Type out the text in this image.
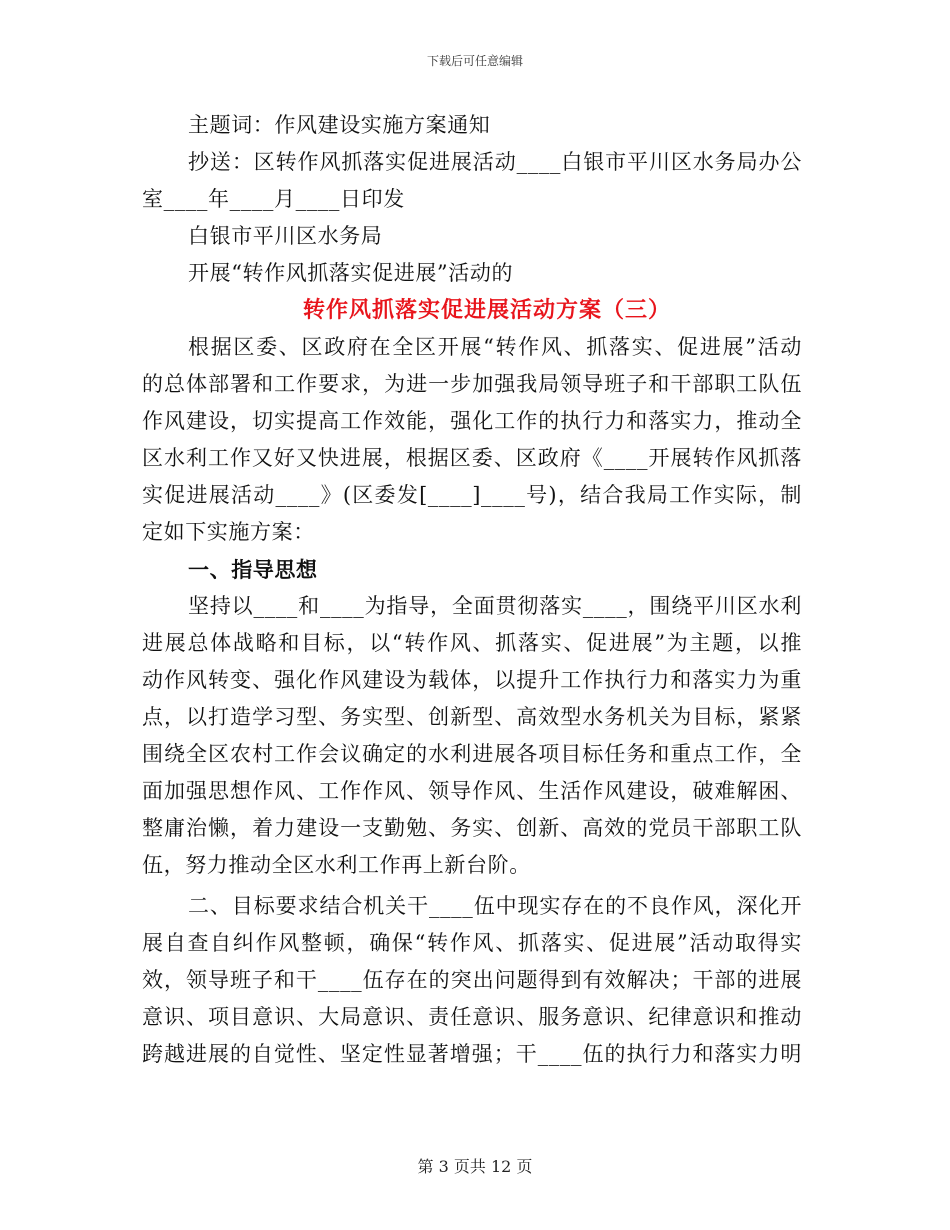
下载后可任意编辑
主题词：作风建设实施方案通知
抄送：区转作风抓落实促进展活动____白银市平川区水务局办公
室____年____月____日印发
白银市平川区水务局
开展“转作风抓落实促进展”活动的
转作风抓落实促进展活动方案（三）
根据区委、区政府在全区开展“转作风、抓落实、促进展”活动
的总体部署和工作要求，为进一步加强我局领导班子和干部职工队伍
作风建设，切实提高工作效能，强化工作的执行力和落实力，推动全
区水利工作又好又快进展，根据区委、区政府《____开展转作风抓落
实促进展活动____》(区委发[____]____号)，结合我局工作实际，制
定如下实施方案：
一、指导思想
坚持以____和____为指导，全面贯彻落实____，围绕平川区水利
进展总体战略和目标，以“转作风、抓落实、促进展”为主题，以推
动作风转变、强化作风建设为载体，以提升工作执行力和落实力为重
点，以打造学习型、务实型、创新型、高效型水务机关为目标，紧紧
围绕全区农村工作会议确定的水利进展各项目标任务和重点工作，全
面加强思想作风、工作作风、领导作风、生活作风建设，破难解困、
整庸治懒，着力建设一支勤勉、务实、创新、高效的党员干部职工队
伍，努力推动全区水利工作再上新台阶。
二、目标要求结合机关干____伍中现实存在的不良作风，深化开
展自查自纠作风整顿，确保“转作风、抓落实、促进展”活动取得实
效，领导班子和干____伍存在的突出问题得到有效解决；干部的进展
意识、项目意识、大局意识、责任意识、服务意识、纪律意识和推动
跨越进展的自觉性、坚定性显著增强；干____伍的执行力和落实力明
第 3 页共 12 页
